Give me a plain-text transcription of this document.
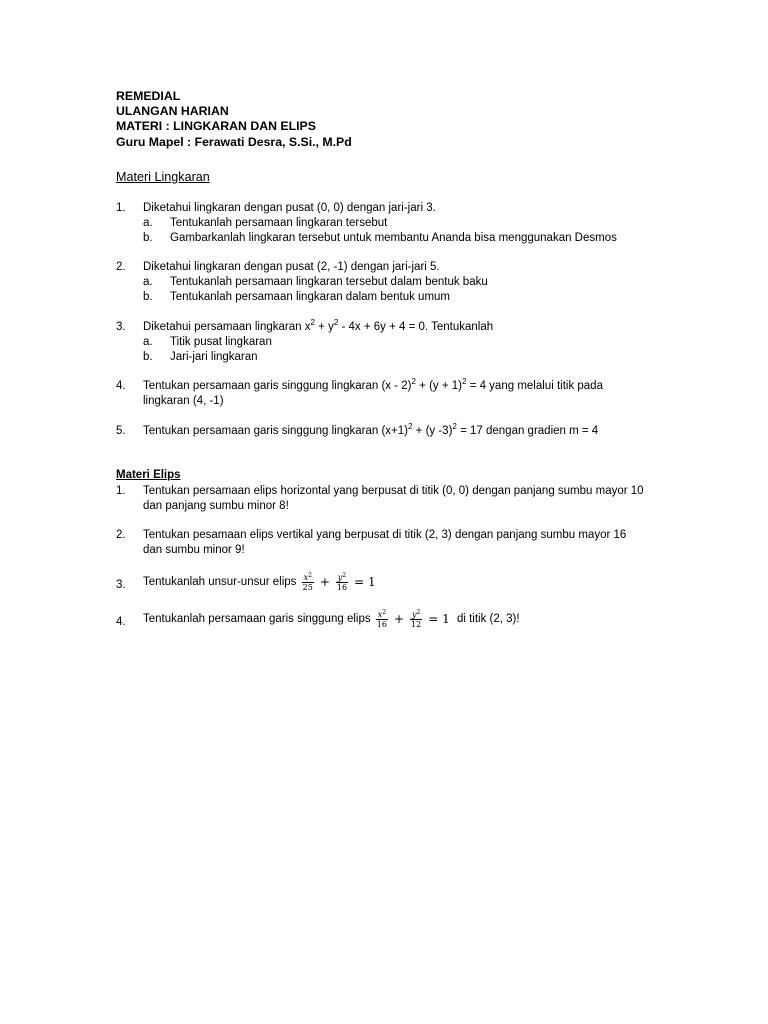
REMEDIAL
ULANGAN HARIAN
MATERI : LINGKARAN DAN ELIPS
Guru Mapel : Ferawati Desra, S.Si., M.Pd
Materi Lingkaran
1. Diketahui lingkaran dengan pusat (0, 0) dengan jari-jari 3.
a. Tentukanlah persamaan lingkaran tersebut
b. Gambarkanlah lingkaran tersebut untuk membantu Ananda bisa menggunakan Desmos
2. Diketahui lingkaran dengan pusat (2, -1) dengan jari-jari 5.
a. Tentukanlah persamaan lingkaran tersebut dalam bentuk baku
b. Tentukanlah persamaan lingkaran dalam bentuk umum
3. Diketahui persamaan lingkaran $x^2 + y^2 - 4x + 6y + 4 = 0$. Tentukanlah
a. Titik pusat lingkaran
b. Jari-jari lingkaran
4. Tentukan persamaan garis singgung lingkaran $(x - 2)^2 + (y + 1)^2 = 4$ yang melalui titik pada lingkaran (4, -1)
5. Tentukan persamaan garis singgung lingkaran $(x+1)^2 + (y$ -3)$^2$ = 17 dengan gradien m = 4
Materi Elips
1. Tentukan persamaan elips horizontal yang berpusat di titik (0, 0) dengan panjang sumbu mayor 10 dan panjang sumbu minor 8!
2. Tentukan pesamaan elips vertikal yang berpusat di titik (2, 3) dengan panjang sumbu mayor 16 dan sumbu minor 9!
3. Tentukanlah unsur-unsur elips $\frac{x^2}{25} + \frac{y^2}{16} = 1$
4. Tentukanlah persamaan garis singgung elips $\frac{x^2}{16} + \frac{y^2}{12} = 1$ di titik (2, 3)!
